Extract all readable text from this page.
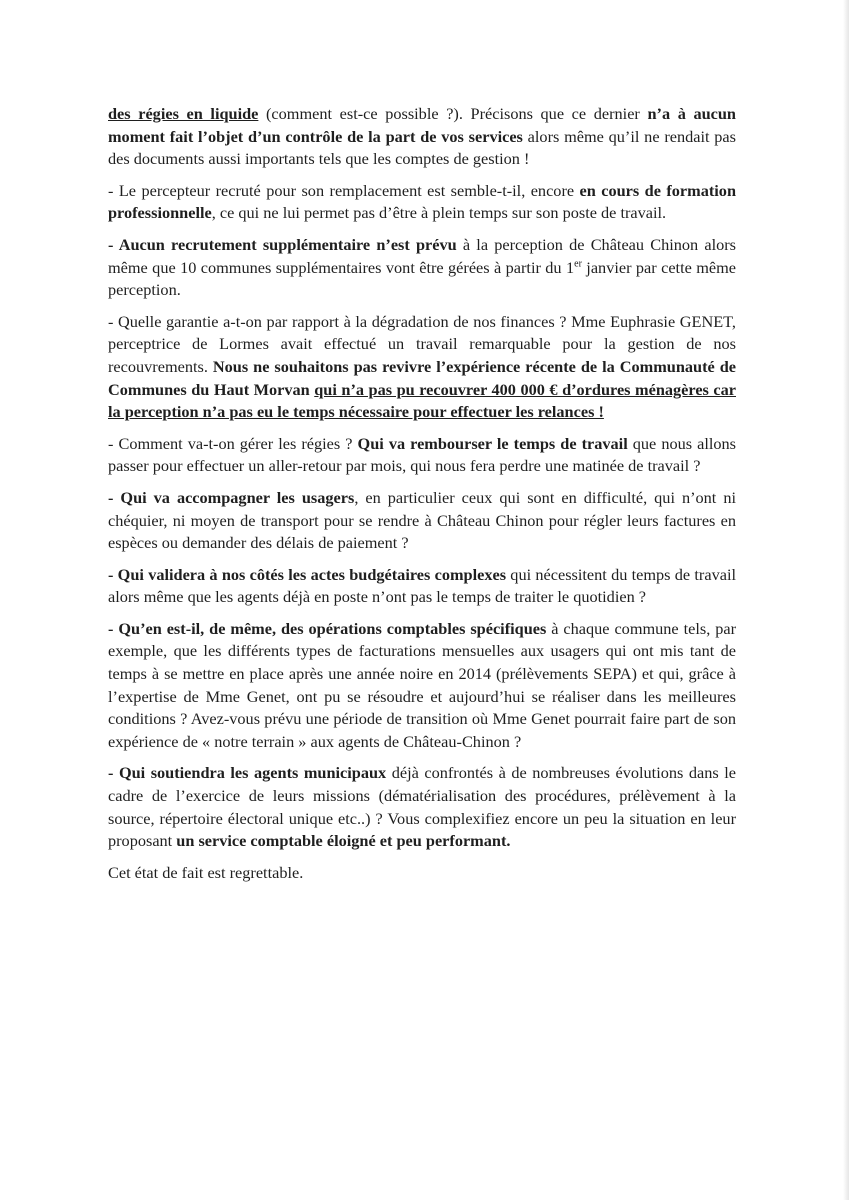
des régies en liquide (comment est-ce possible ?). Précisons que ce dernier n’a à aucun moment fait l’objet d’un contrôle de la part de vos services alors même qu’il ne rendait pas des documents aussi importants tels que les comptes de gestion !

- Le percepteur recruté pour son remplacement est semble-t-il, encore en cours de formation professionnelle, ce qui ne lui permet pas d’être à plein temps sur son poste de travail.

- Aucun recrutement supplémentaire n’est prévu à la perception de Château Chinon alors même que 10 communes supplémentaires vont être gérées à partir du 1er janvier par cette même perception.

- Quelle garantie a-t-on par rapport à la dégradation de nos finances ? Mme Euphrasie GENET, perceptrice de Lormes avait effectué un travail remarquable pour la gestion de nos recouvrements. Nous ne souhaitons pas revivre l’expérience récente de la Communauté de Communes du Haut Morvan qui n’a pas pu recouvrer 400 000 € d’ordures ménagères car la perception n’a pas eu le temps nécessaire pour effectuer les relances !

- Comment va-t-on gérer les régies ? Qui va rembourser le temps de travail que nous allons passer pour effectuer un aller-retour par mois, qui nous fera perdre une matinée de travail ?

- Qui va accompagner les usagers, en particulier ceux qui sont en difficulté, qui n’ont ni chéquier, ni moyen de transport pour se rendre à Château Chinon pour régler leurs factures en espèces ou demander des délais de paiement ?

- Qui validera à nos côtés les actes budgétaires complexes qui nécessitent du temps de travail alors même que les agents déjà en poste n’ont pas le temps de traiter le quotidien ?

- Qu’en est-il, de même, des opérations comptables spécifiques à chaque commune tels, par exemple, que les différents types de facturations mensuelles aux usagers qui ont mis tant de temps à se mettre en place après une année noire en 2014 (prélèvements SEPA) et qui, grâce à l’expertise de Mme Genet, ont pu se résoudre et aujourd’hui se réaliser dans les meilleures conditions ? Avez-vous prévu une période de transition où Mme Genet pourrait faire part de son expérience de « notre terrain » aux agents de Château-Chinon ?

- Qui soutiendra les agents municipaux déjà confrontés à de nombreuses évolutions dans le cadre de l’exercice de leurs missions (dématérialisation des procédures, prélèvement à la source, répertoire électoral unique etc..) ? Vous complexifiez encore un peu la situation en leur proposant un service comptable éloigné et peu performant.

Cet état de fait est regrettable.
